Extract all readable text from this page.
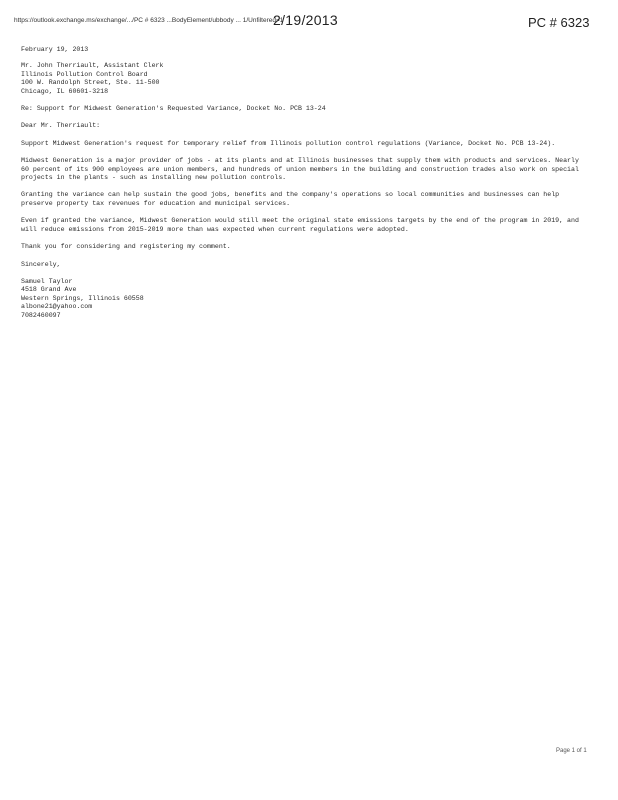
https://outlook.exchange.ms/exchange/.../PC # 6323 ...BodyElement/ubbody ... 1/Unfiltered=1
2/19/2013	PC # 6323

February 19, 2013

Mr. John Therriault, Assistant Clerk

Illinois Pollution Control Board

100 W. Randolph Street, Ste. 11-500

Chicago, IL 60601-3218

Re: Support for Midwest Generation's Requested Variance, Docket No. PCB 13-24

Dear Mr. Therriault:

Support Midwest Generation's request for temporary relief from Illinois pollution control regulations (Variance, Docket No. PCB 13-24).

Midwest Generation is a major provider of jobs - at its plants and at Illinois businesses that supply them with products and services. Nearly 60 percent of its 900 employees are union members, and hundreds of union members in the building and construction trades also work on special projects in the plants - such as installing new pollution controls.

Granting the variance can help sustain the good jobs, benefits and the company's operations so local communities and businesses can help preserve property tax revenues for education and municipal services.

Even if granted the variance, Midwest Generation would still meet the original state emissions targets by the end of the program in 2019, and will reduce emissions from 2015-2019 more than was expected when current regulations were adopted.

Thank you for considering and registering my comment.

Sincerely,

Samuel Taylor

4518 Grand Ave

Western Springs, Illinois 60558

albone21@yahoo.com

7082460097

Page 1 of 1
